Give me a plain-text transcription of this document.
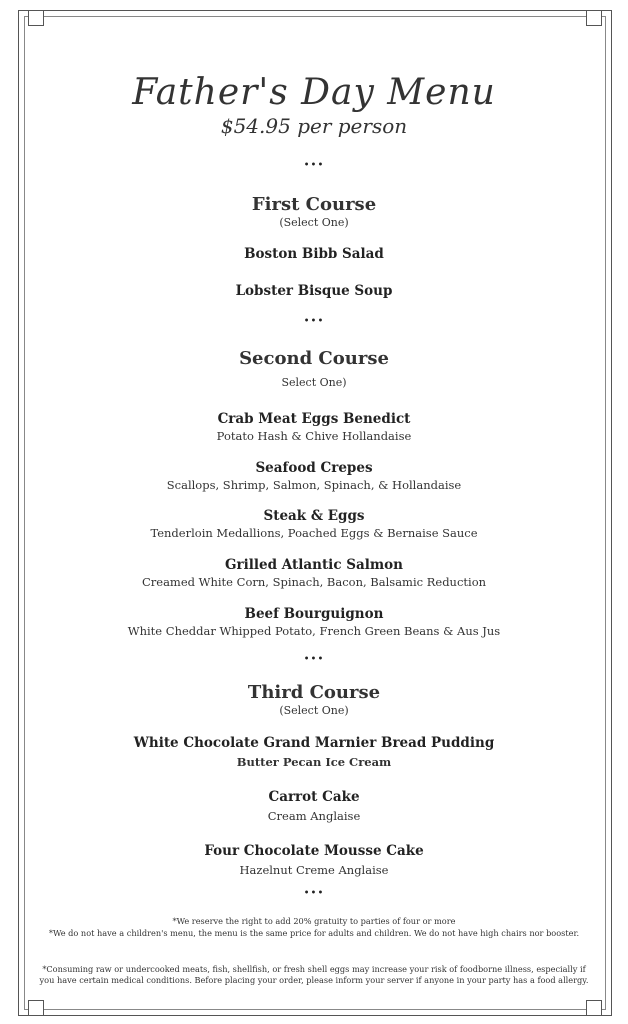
Father's Day Menu
$54.95 per person
•••
First Course
(Select One)
Boston Bibb Salad
Lobster Bisque Soup
•••
Second Course
Select One)
Crab Meat Eggs Benedict
Potato Hash & Chive Hollandaise
Seafood Crepes
Scallops, Shrimp, Salmon, Spinach, & Hollandaise
Steak & Eggs
Tenderloin Medallions, Poached Eggs & Bernaise Sauce
Grilled Atlantic Salmon
Creamed White Corn, Spinach, Bacon, Balsamic Reduction
Beef Bourguignon
White Cheddar Whipped Potato, French Green Beans & Aus Jus
•••
Third Course
(Select One)
White Chocolate Grand Marnier Bread Pudding
Butter Pecan Ice Cream
Carrot Cake
Cream Anglaise
Four Chocolate Mousse Cake
Hazelnut Creme Anglaise
•••
*We reserve the right to add 20% gratuity to parties of four or more
*We do not have a children's menu, the menu is the same price for adults and children. We do not have high chairs nor booster.
*Consuming raw or undercooked meats, fish, shellfish, or fresh shell eggs may increase your risk of foodborne illness, especially if you have certain medical conditions. Before placing your order, please inform your server if anyone in your party has a food allergy.
